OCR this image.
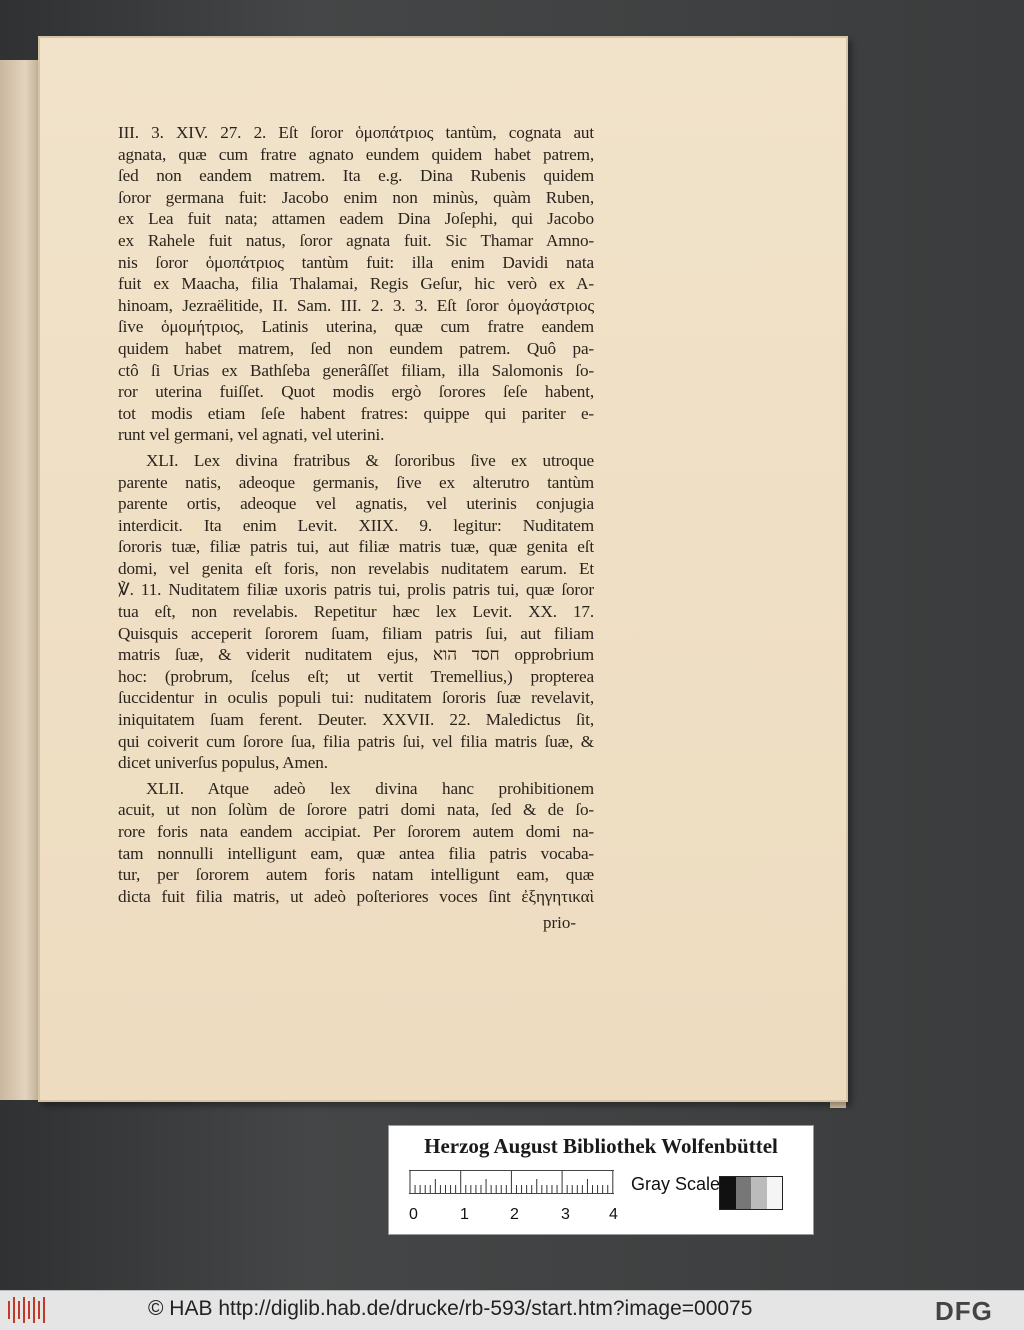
III. 3. XIV. 27. 2. Eſt ſoror ὁμοπάτριος tantùm, cognata aut
agnata, quæ cum fratre agnato eundem quidem habet patrem,
ſed non eandem matrem. Ita e.g. Dina Rubenis quidem
ſoror germana fuit: Jacobo enim non minùs, quàm Ruben,
ex Lea fuit nata; attamen eadem Dina Joſephi, qui Jacobo
ex Rahele fuit natus, ſoror agnata fuit. Sic Thamar Amno-
nis ſoror ὁμοπάτριος tantùm fuit: illa enim Davidi nata
fuit ex Maacha, filia Thalamai, Regis Geſur, hic verò ex A-
hinoam, Jezraëlitide, II. Sam. III. 2. 3. 3. Eſt ſoror ὁμογάστριος
ſive ὁμομήτριος, Latinis uterina, quæ cum fratre eandem
quidem habet matrem, ſed non eundem patrem. Quô pa-
ctô ſi Urias ex Bathſeba generâſſet filiam, illa Salomonis ſo-
ror uterina fuiſſet. Quot modis ergò ſorores ſeſe habent,
tot modis etiam ſeſe habent fratres: quippe qui pariter e-
runt vel germani, vel agnati, vel uterini.
XLI. Lex divina fratribus & ſororibus ſive ex utroque
parente natis, adeoque germanis, ſive ex alterutro tantùm
parente ortis, adeoque vel agnatis, vel uterinis conjugia
interdicit. Ita enim Levit. XIIX. 9. legitur: Nuditatem
ſororis tuæ, filiæ patris tui, aut filiæ matris tuæ, quæ genita eſt
domi, vel genita eſt foris, non revelabis nuditatem earum. Et
℣. 11. Nuditatem filiæ uxoris patris tui, prolis patris tui, quæ ſoror
tua eſt, non revelabis. Repetitur hæc lex Levit. XX. 17.
Quisquis acceperit ſororem ſuam, filiam patris ſui, aut filiam
matris ſuæ, & viderit nuditatem ejus, חסד הוא opprobrium
hoc: (probrum, ſcelus eſt; ut vertit Tremellius,) propterea
ſuccidentur in oculis populi tui: nuditatem ſororis ſuæ revelavit,
iniquitatem ſuam ferent. Deuter. XXVII. 22. Maledictus ſit,
qui coiverit cum ſorore ſua, filia patris ſui, vel filia matris ſuæ, &
dicet univerſus populus, Amen.
XLII. Atque adeò lex divina hanc prohibitionem
acuit, ut non ſolùm de ſorore patri domi nata, ſed & de ſo-
rore foris nata eandem accipiat. Per ſororem autem domi na-
tam nonnulli intelligunt eam, quæ antea filia patris vocaba-
tur, per ſororem autem foris natam intelligunt eam, quæ
dicta fuit filia matris, ut adeò poſteriores voces ſint ἐξηγητικαὶ
prio-
Herzog August Bibliothek Wolfenbüttel
0	1	2	3 4
Gray Scale
© HAB http://diglib.hab.de/drucke/rb-593/start.htm?image=00075	DFG
